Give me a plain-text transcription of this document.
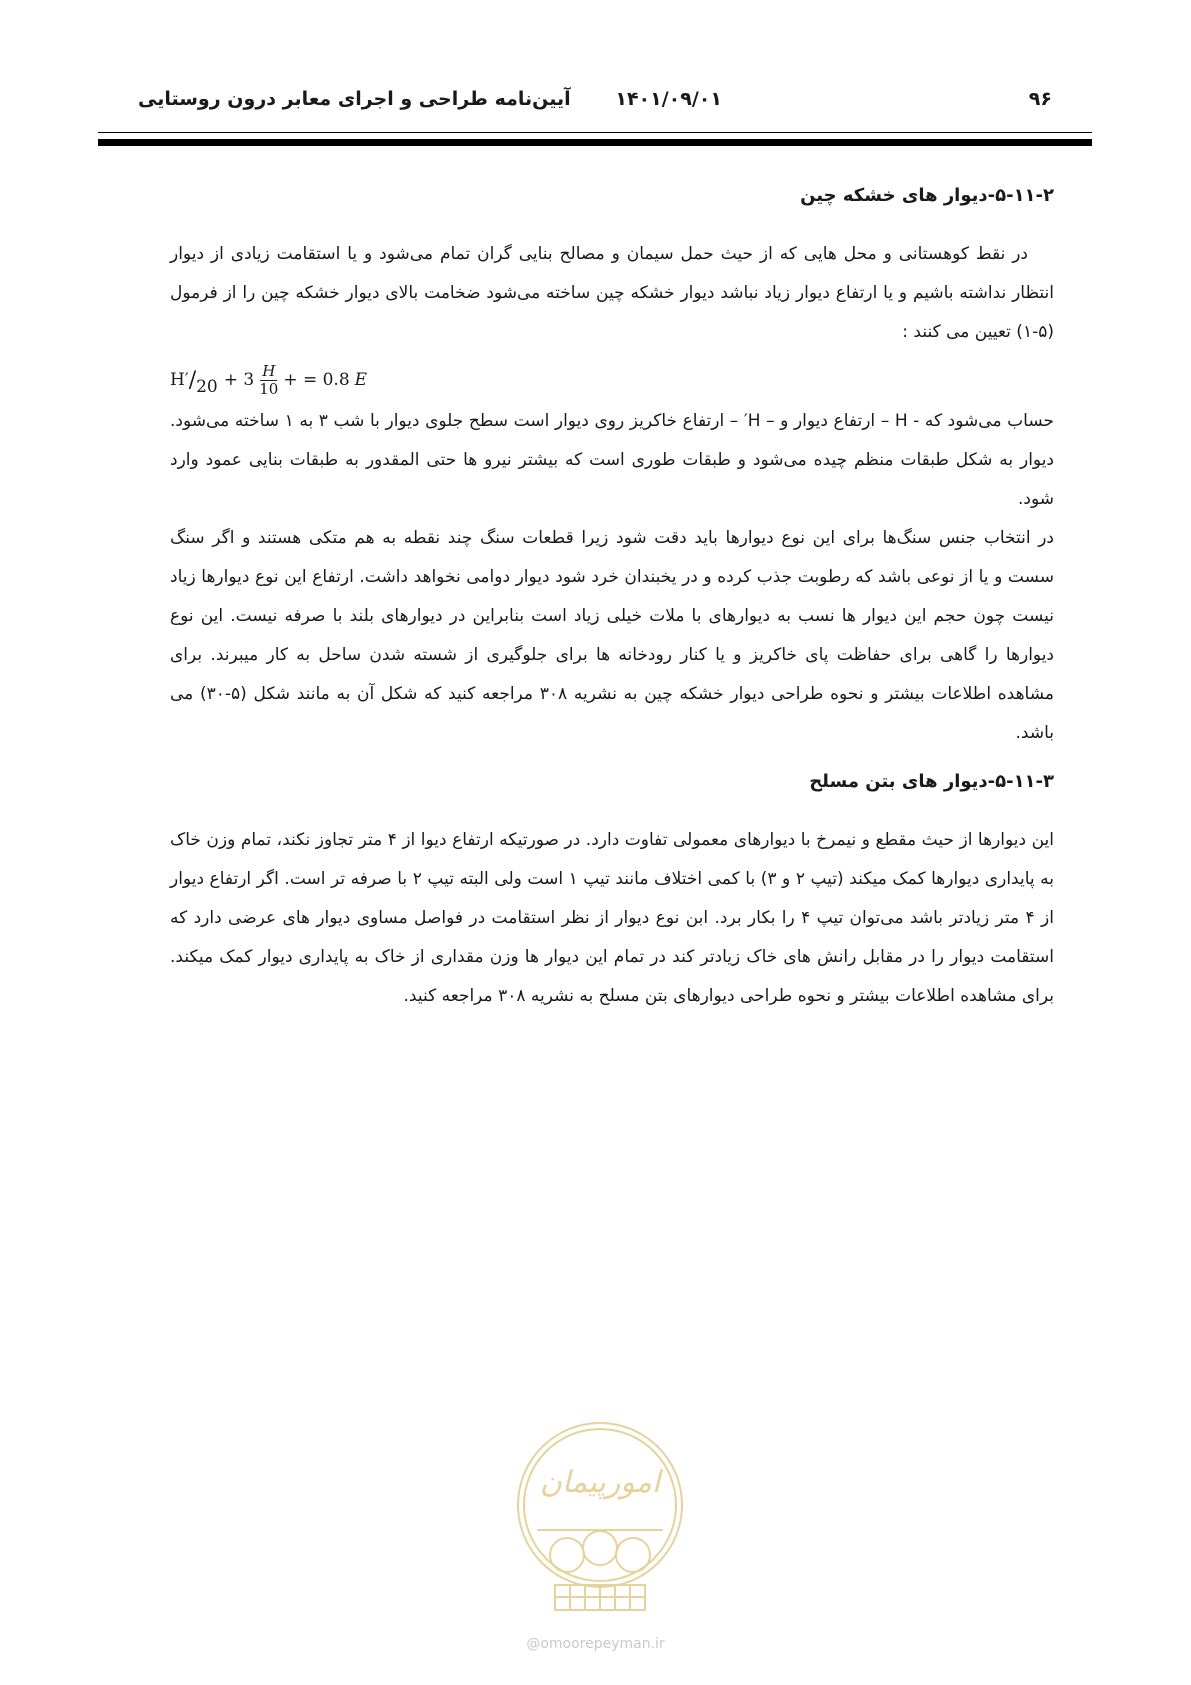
۹۶
۱۴۰۱/۰۹/۰۱
آیین‌نامه طراحی و اجرای معابر درون روستایی
۵-۱۱-۲-دیوار های خشکه چین

در نقط کوهستانی و محل هایی که از حیث حمل سیمان و مصالح بنایی گران تمام می‌شود و یا استقامت زیادی از دیوار انتظار نداشته باشیم و یا ارتفاع دیوار زیاد نباشد دیوار خشکه چین ساخته می‌شود ضخامت بالای دیوار خشکه چین را از فرمول (۵-۱) تعیین می کنند :

$H' / 20 + 3 \frac{H}{10}$ + = 0.8 E

حساب می‌شود که - H – ارتفاع دیوار و – H′ – ارتفاع خاکریز روی دیوار است سطح جلوی دیوار با شب ۳ به ۱ ساخته می‌شود. دیوار به شکل طبقات منظم چیده می‌شود و طبقات طوری است که بیشتر نیرو ها حتی المقدور به طبقات بنایی عمود وارد شود.

در انتخاب جنس سنگ‌ها برای این نوع دیوارها باید دقت شود زیرا قطعات سنگ چند نقطه به هم متکی هستند و اگر سنگ سست و یا از نوعی باشد که رطوبت جذب کرده و در یخبندان خرد شود دیوار دوامی نخواهد داشت. ارتفاع این نوع دیوارها زیاد نیست چون حجم این دیوار ها نسب به دیوارهای با ملات خیلی زیاد است بنابراین در دیوارهای بلند با صرفه نیست. این نوع دیوارها را گاهی برای حفاظت پای خاکریز و یا کنار رودخانه ها برای جلوگیری از شسته شدن ساحل به کار میبرند. برای مشاهده اطلاعات بیشتر و نحوه طراحی دیوار خشکه چین به نشریه ۳۰۸ مراجعه کنید که شکل آن به مانند شکل (۵-۳۰) می باشد.

۵-۱۱-۳-دیوار های بتن مسلح

این دیوارها از حیث مقطع و نیمرخ با دیوارهای معمولی تفاوت دارد. در صورتیکه ارتفاع دیوا از ۴ متر تجاوز نکند، تمام وزن خاک به پایداری دیوارها کمک میکند (تیپ ۲ و ۳) با کمی اختلاف مانند تیپ ۱ است ولی البته تیپ ۲ با صرفه تر است. اگر ارتفاع دیوار از ۴ متر زیادتر باشد می‌توان تیپ ۴ را بکار برد. ابن نوع دیوار از نظر استقامت در فواصل مساوی دیوار های عرضی دارد که استقامت دیوار را در مقابل رانش های خاک زیادتر کند در تمام این دیوار ها وزن مقداری از خاک به پایداری دیوار کمک میکند. برای مشاهده اطلاعات بیشتر و نحوه طراحی دیوارهای بتن مسلح به نشریه ۳۰۸ مراجعه کنید.

امورپیمان
@omoorepeyman.ir
